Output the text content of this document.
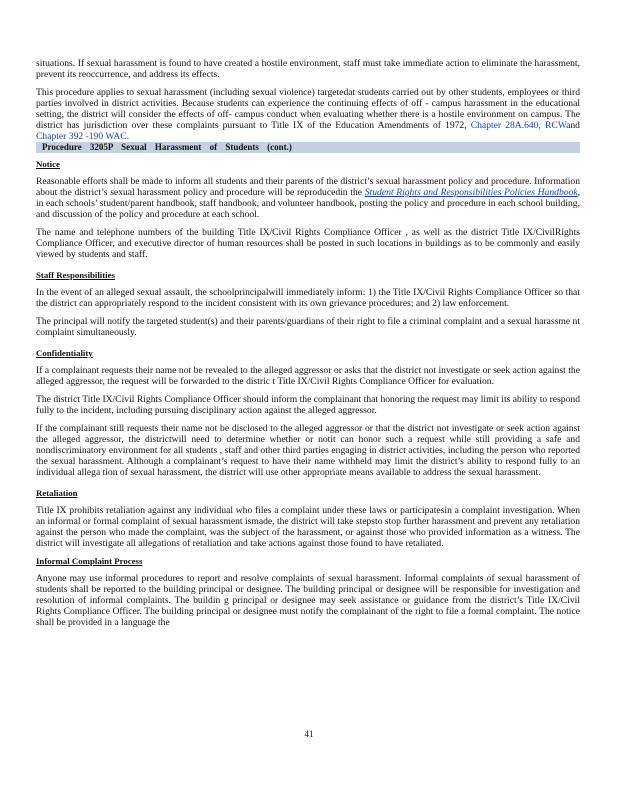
situations. If sexual harassment is found to have created a hostile environment, staff must take immediate action to eliminate the harassment, prevent its reoccurrence, and address its effects.

This procedure applies to sexual harassment (including sexual violence) targetedat students carried out by other students, employees or third parties involved in district activities. Because students can experience the continuing effects of off - campus harassment in the educational setting, the district will consider the effects of off- campus conduct when evaluating whether there is a hostile environment on campus. The district has jurisdiction over these complaints pursuant to Title IX of the Education Amendments of 1972, Chapter 28A.640, RCWand Chapter 392 -190 WAC.

Procedure 3205P Sexual Harassment of Students (cont.)
Notice

Reasonable efforts shall be made to inform all students and their parents of the district’s sexual harassment policy and procedure. Information about the district’s sexual harassment policy and procedure will be reproducedin the Student Rights and Responsibilities Policies Handbook, in each schools’ student/parent handbook, staff handbook, and volunteer handbook, posting the policy and procedure in each school building, and discussion of the policy and procedure at each school.

The name and telephone numbers of the building Title IX/Civil Rights Compliance Officer , as well as the district Title IX/CivilRights Compliance Officer, and executive director of human resources shall be posted in such locations in buildings as to be commonly and easily viewed by students and staff.

Staff Responsibilities

In the event of an alleged sexual assault, the schoolprincipalwill immediately inform: 1) the Title IX/Civil Rights Compliance Officer so that the district can appropriately respond to the incident consistent with its own grievance procedures; and 2) law enforcement.

The principal will notify the targeted student(s) and their parents/guardians of their right to file a criminal complaint and a sexual harassme nt complaint simultaneously.

Confidentiality

If a complainant requests their name not be revealed to the alleged aggressor or asks that the district not investigate or seek action against the alleged aggressor, the request will be forwarded to the distric t Title IX/Civil Rights Compliance Officer for evaluation.

The district Title IX/Civil Rights Compliance Officer should inform the complainant that honoring the request may limit its ability to respond fully to the incident, including pursuing disciplinary action against the alleged aggressor.

If the complainant still requests their name not be disclosed to the alleged aggressor or that the district not investigate or seek action against the alleged aggressor, the districtwill need to determine whether or notit can honor such a request while still providing a safe and nondiscriminatory environment for all students , staff and other third parties engaging in district activities, including the person who reported the sexual harassment. Although a complainant’s request to have their name withheld may limit the district’s ability to respond fully to an individual allega tion of sexual harassment, the district will use other appropriate means available to address the sexual harassment.

Retaliation

Title IX prohibits retaliation against any individual who files a complaint under these laws or participatesin a complaint investigation. When an informal or formal complaint of sexual harassment ismade, the district will take stepsto stop further harassment and prevent any retaliation against the person who made the complaint, was the subject of the harassment, or against those who provided information as a witness. The district will investigate all allegations of retaliation and take actions against those found to have retaliated.

Informal Complaint Process

Anyone may use informal procedures to report and resolve complaints of sexual harassment. Informal complaints of sexual harassment of students shall be reported to the building principal or designee. The building principal or designee will be responsible for investigation and resolution of informal complaints. The buildin g principal or designee may seek assistance or guidance from the district’s Title IX/Civil Rights Compliance Officer. The building principal or designee must notify the complainant of the right to file a formal complaint. The notice shall be provided in a language the

41
